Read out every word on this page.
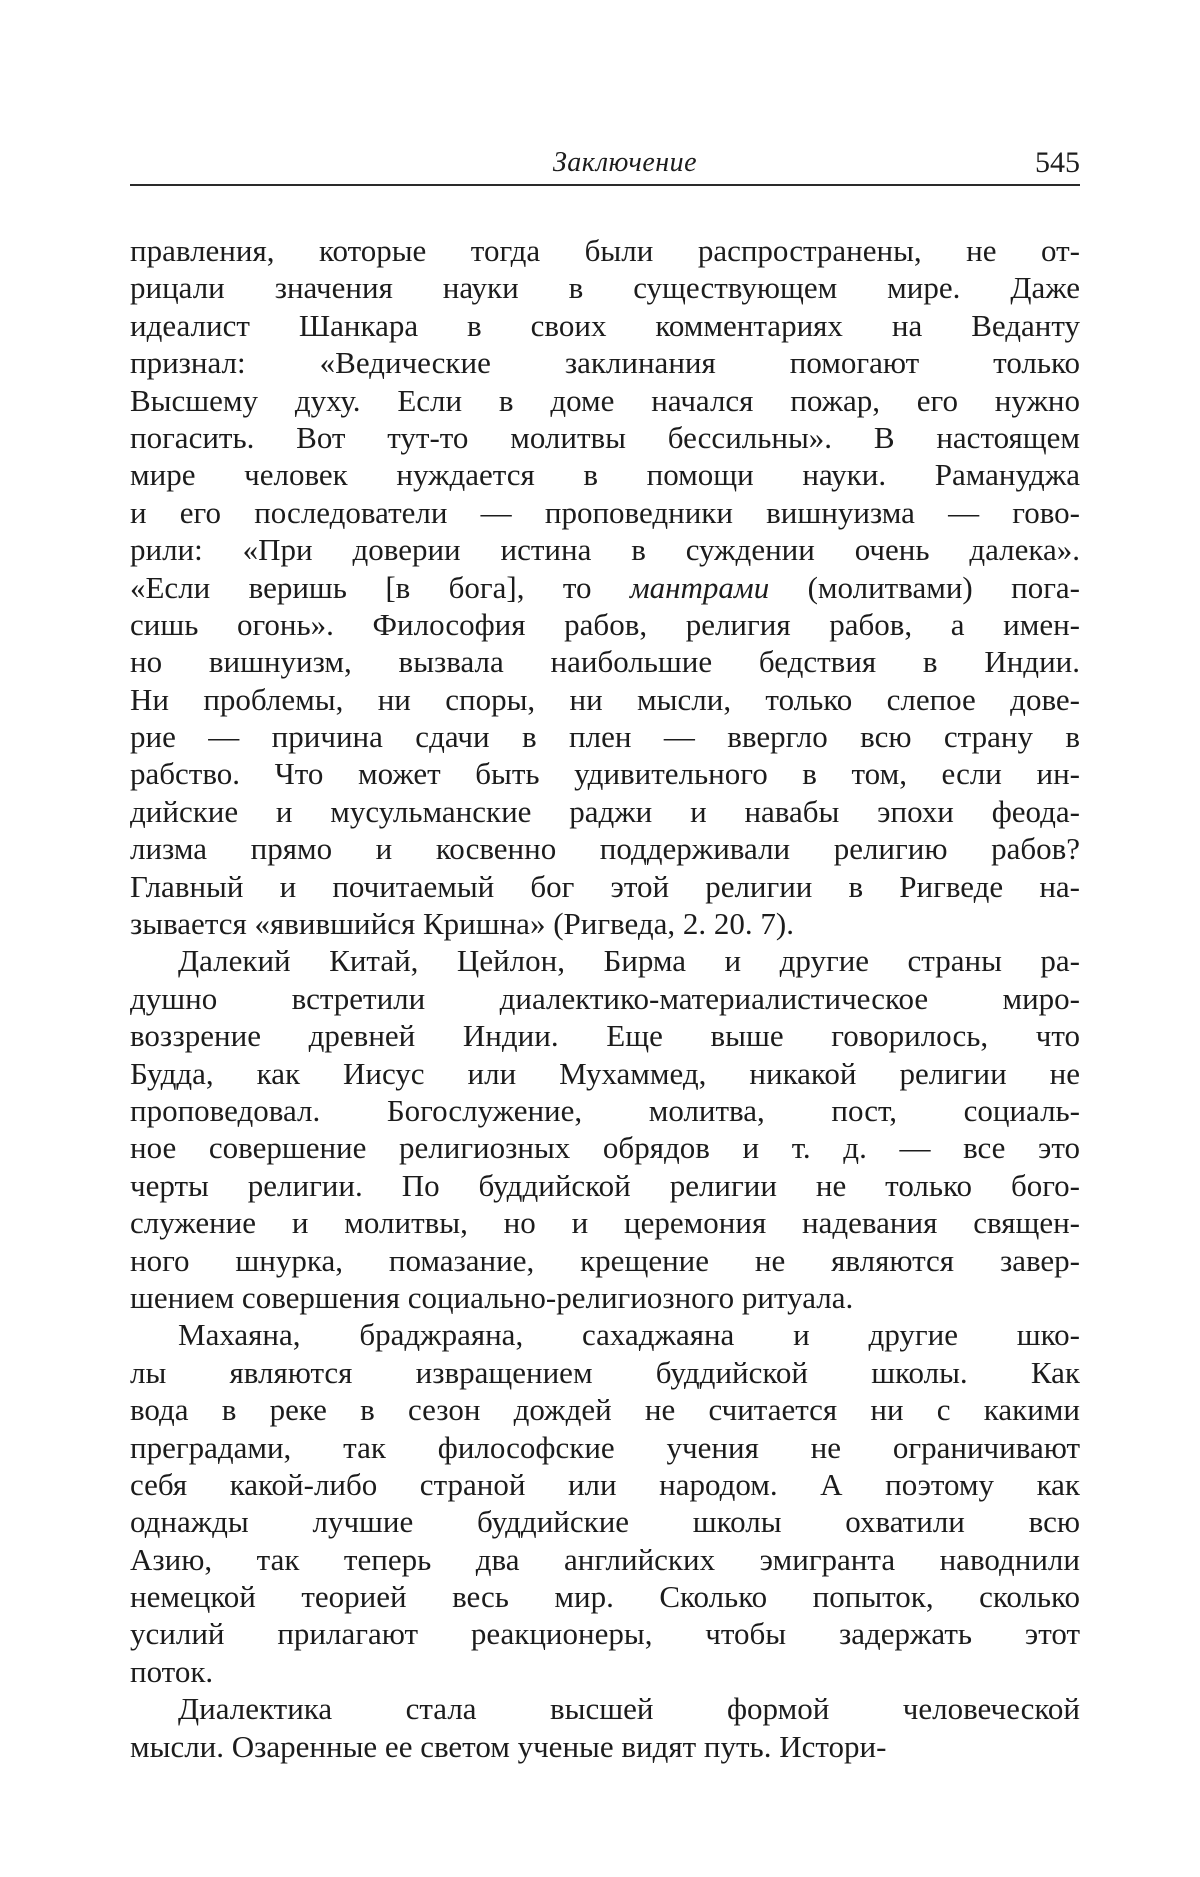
Заключение	545
правления, которые тогда были распространены, не от-
рицали значения науки в существующем мире. Даже
идеалист Шанкара в своих комментариях на Веданту
признал: «Ведические заклинания помогают только
Высшему духу. Если в доме начался пожар, его нужно
погасить. Вот тут-то молитвы бессильны». В настоящем
мире человек нуждается в помощи науки. Рамануджа
и его последователи — проповедники вишнуизма — гово-
рили: «При доверии истина в суждении очень далека».
«Если веришь [в бога], то мантрами (молитвами) пога-
сишь огонь». Философия рабов, религия рабов, а имен-
но вишнуизм, вызвала наибольшие бедствия в Индии.
Ни проблемы, ни споры, ни мысли, только слепое дове-
рие — причина сдачи в плен — ввергло всю страну в
рабство. Что может быть удивительного в том, если ин-
дийские и мусульманские раджи и навабы эпохи феода-
лизма прямо и косвенно поддерживали религию рабов?
Главный и почитаемый бог этой религии в Ригведе на-
зывается «явившийся Кришна» (Ригведа, 2. 20. 7).
Далекий Китай, Цейлон, Бирма и другие страны ра-
душно встретили диалектико-материалистическое миро-
воззрение древней Индии. Еще выше говорилось, что
Будда, как Иисус или Мухаммед, никакой религии не
проповедовал. Богослужение, молитва, пост, социаль-
ное совершение религиозных обрядов и т. д. — все это
черты религии. По буддийской религии не только бого-
служение и молитвы, но и церемония надевания священ-
ного шнурка, помазание, крещение не являются завер-
шением совершения социально-религиозного ритуала.
Махаяна, браджраяна, сахаджаяна и другие шко-
лы являются извращением буддийской школы. Как
вода в реке в сезон дождей не считается ни с какими
преградами, так философские учения не ограничивают
себя какой-либо страной или народом. А поэтому как
однажды лучшие буддийские школы охватили всю
Азию, так теперь два английских эмигранта наводнили
немецкой теорией весь мир. Сколько попыток, сколько
усилий прилагают реакционеры, чтобы задержать этот
поток.
Диалектика стала высшей формой человеческой
мысли. Озаренные ее светом ученые видят путь. Истори-
